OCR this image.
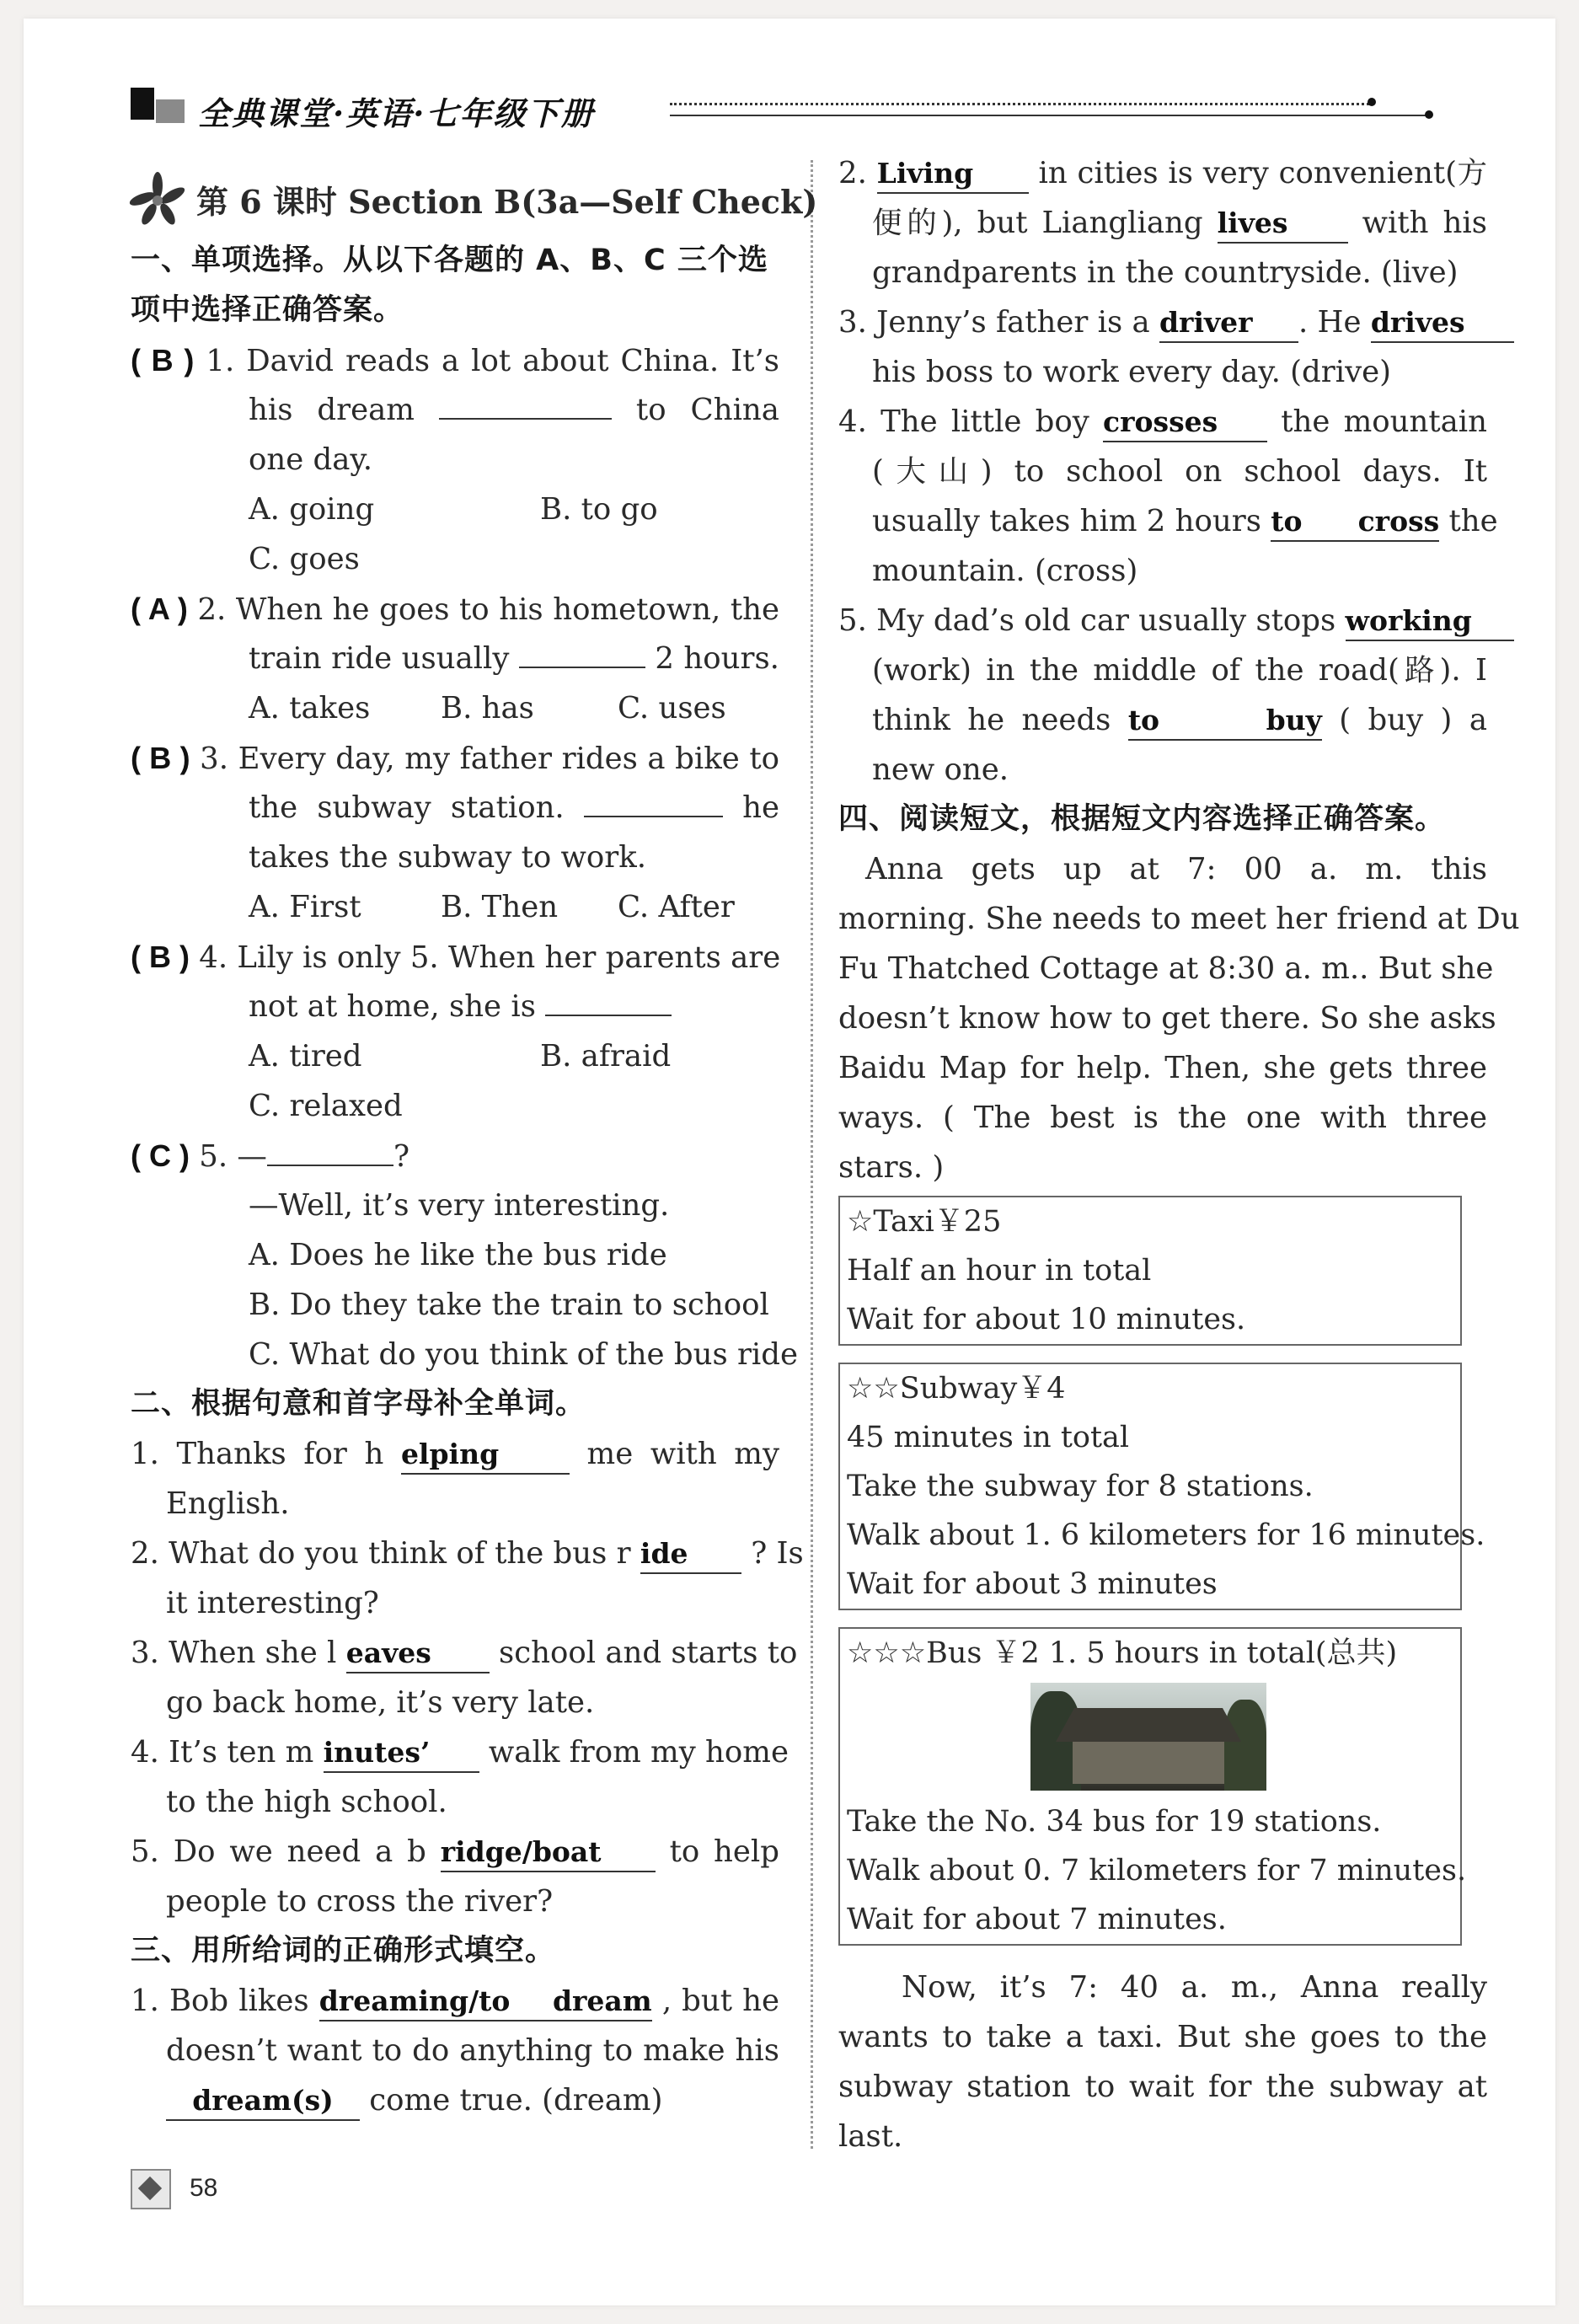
全典课堂·英语·七年级下册
第 6 课时 Section B(3a—Self Check)
一、单项选择。从以下各题的 A、B、C 三个选
项中选择正确答案。
( B ) 1. David reads a lot about China. It’s
his dream	to China
one day.
A. going	B. to go
C. goes
( A ) 2. When he goes to his hometown, the
train ride usually	2 hours.
A. takes B. has	C. uses
( B ) 3. Every day, my father rides a bike to
the subway station.	he
takes the subway to work.
A. First	B. Then C. After
( B ) 4. Lily is only 5. When her parents are
not at home, she is
A. tired	B. afraid
C. relaxed
( C ) 5. —	?
—Well, it’s very interesting.
A. Does he like the bus ride
B. Do they take the train to school
C. What do you think of the bus ride
二、根据句意和首字母补全单词。
1. Thanks for h elping	me with my
English.
2. What do you think of the bus r ide ? Is
it interesting?
3. When she l eaves school and starts to
go back home, it’s very late.
4. It’s ten m inutes’ walk from my home
to the high school.
5. Do we need a b ridge/boat to help
people to cross the river?
三、用所给词的正确形式填空。
1. Bob likes dreaming/to dream , but he
doesn’t want to do anything to make his
dream(s) come true. (dream)
2. Living in cities is very convenient(方
便的), but Liangliang lives with his
grandparents in the countryside. (live)
3. Jenny’s father is a driver . He drives
his boss to work every day. (drive)
4. The little boy crosses the mountain
(大山) to school on school days. It
usually takes him 2 hours to cross the
mountain. (cross)
5. My dad’s old car usually stops working
(work) in the middle of the road(路). I
think he needs to buy ( buy ) a
new one.
四、阅读短文，根据短文内容选择正确答案。
Anna gets up at 7: 00 a. m. this
morning. She needs to meet her friend at Du
Fu Thatched Cottage at 8:30 a. m.. But she
doesn’t know how to get there. So she asks
Baidu Map for help. Then, she gets three
ways. ( The best is the one with three
stars. )
☆Taxi￥25
Half an hour in total
Wait for about 10 minutes.
☆☆Subway￥4
45 minutes in total
Take the subway for 8 stations.
Walk about 1. 6 kilometers for 16 minutes.
Wait for about 3 minutes
☆☆☆Bus ￥2 1. 5 hours in total(总共)
Take the No. 34 bus for 19 stations.
Walk about 0. 7 kilometers for 7 minutes.
Wait for about 7 minutes.
Now, it’s 7: 40 a. m., Anna really
wants to take a taxi. But she goes to the
subway station to wait for the subway at
last.
58
